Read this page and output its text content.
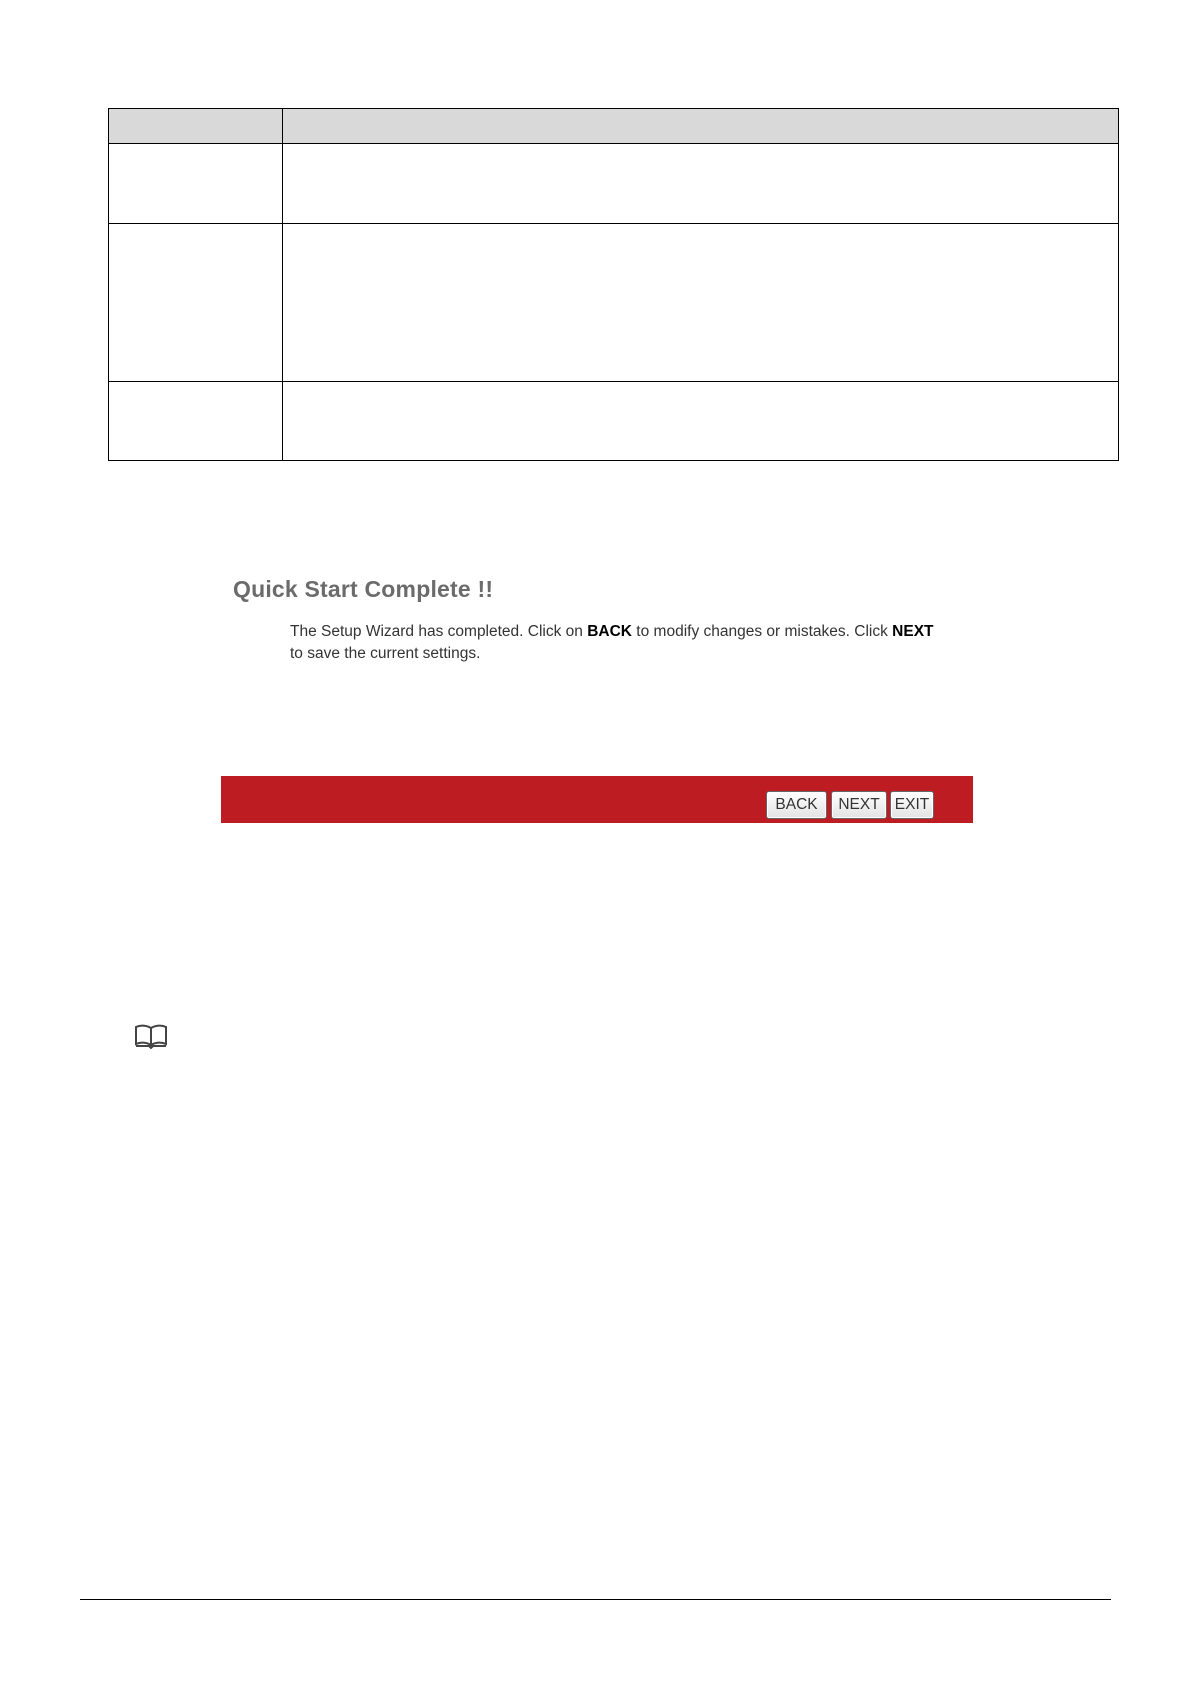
Quick Start Complete !!

The Setup Wizard has completed. Click on BACK to modify changes or mistakes. Click NEXT
to save the current settings.

BACK	NEXT EXIT
